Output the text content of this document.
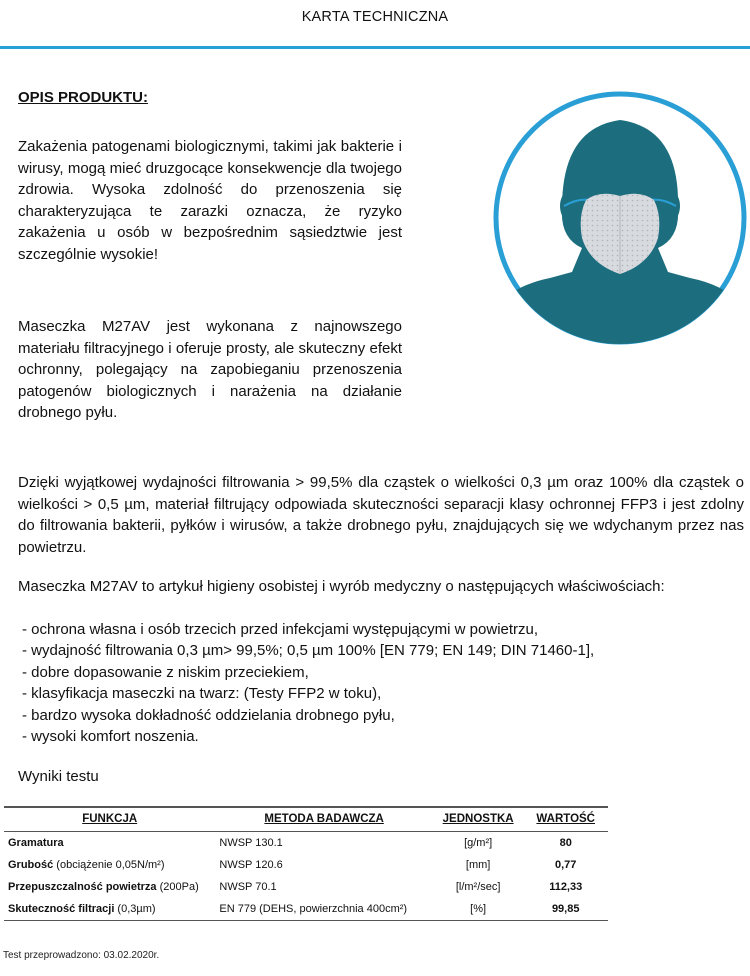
KARTA TECHNICZNA
OPIS PRODUKTU:

Zakażenia patogenami biologicznymi, takimi jak bakterie i wirusy, mogą mieć druzgocące konsekwencje dla twojego zdrowia. Wysoka zdolność do przenoszenia się charakteryzująca te zarazki oznacza, że ryzyko zakażenia u osób w bezpośrednim sąsiedztwie jest szczególnie wysokie!

Maseczka M27AV jest wykonana z najnowszego materiału filtracyjnego i oferuje prosty, ale skuteczny efekt ochronny, polegający na zapobieganiu przenoszenia patogenów biologicznych i narażenia na działanie drobnego pyłu.

Dzięki wyjątkowej wydajności filtrowania > 99,5% dla cząstek o wielkości 0,3 µm oraz 100% dla cząstek o wielkości > 0,5 µm, materiał filtrujący odpowiada skuteczności separacji klasy ochronnej FFP3 i jest zdolny do filtrowania bakterii, pyłków i wirusów, a także drobnego pyłu, znajdujących się we wdychanym przez nas powietrzu.

Maseczka M27AV to artykuł higieny osobistej i wyrób medyczny o następujących właściwościach:

- ochrona własna i osób trzecich przed infekcjami występującymi w powietrzu,
- wydajność filtrowania 0,3 µm> 99,5%; 0,5 µm 100% [EN 779; EN 149; DIN 71460-1],
- dobre dopasowanie z niskim przeciekiem,
- klasyfikacja maseczki na twarz: (Testy FFP2 w toku),
- bardzo wysoka dokładność oddzielania drobnego pyłu,
- wysoki komfort noszenia.
Wyniki testu
FUNKCJA	METODA BADAWCZA	JEDNOSTKA	WARTOŚĆ
Gramatura	NWSP 130.1	[g/m²]	80
Grubość (obciążenie 0,05N/m²)	NWSP 120.6	[mm]	0,77
Przepuszczalność powietrza (200Pa)	NWSP 70.1	[l/m²/sec]	112,33
Skuteczność filtracji (0,3µm)	EN 779 (DEHS, powierzchnia 400cm²)	[%]	99,85
Test przeprowadzono: 03.02.2020r.
